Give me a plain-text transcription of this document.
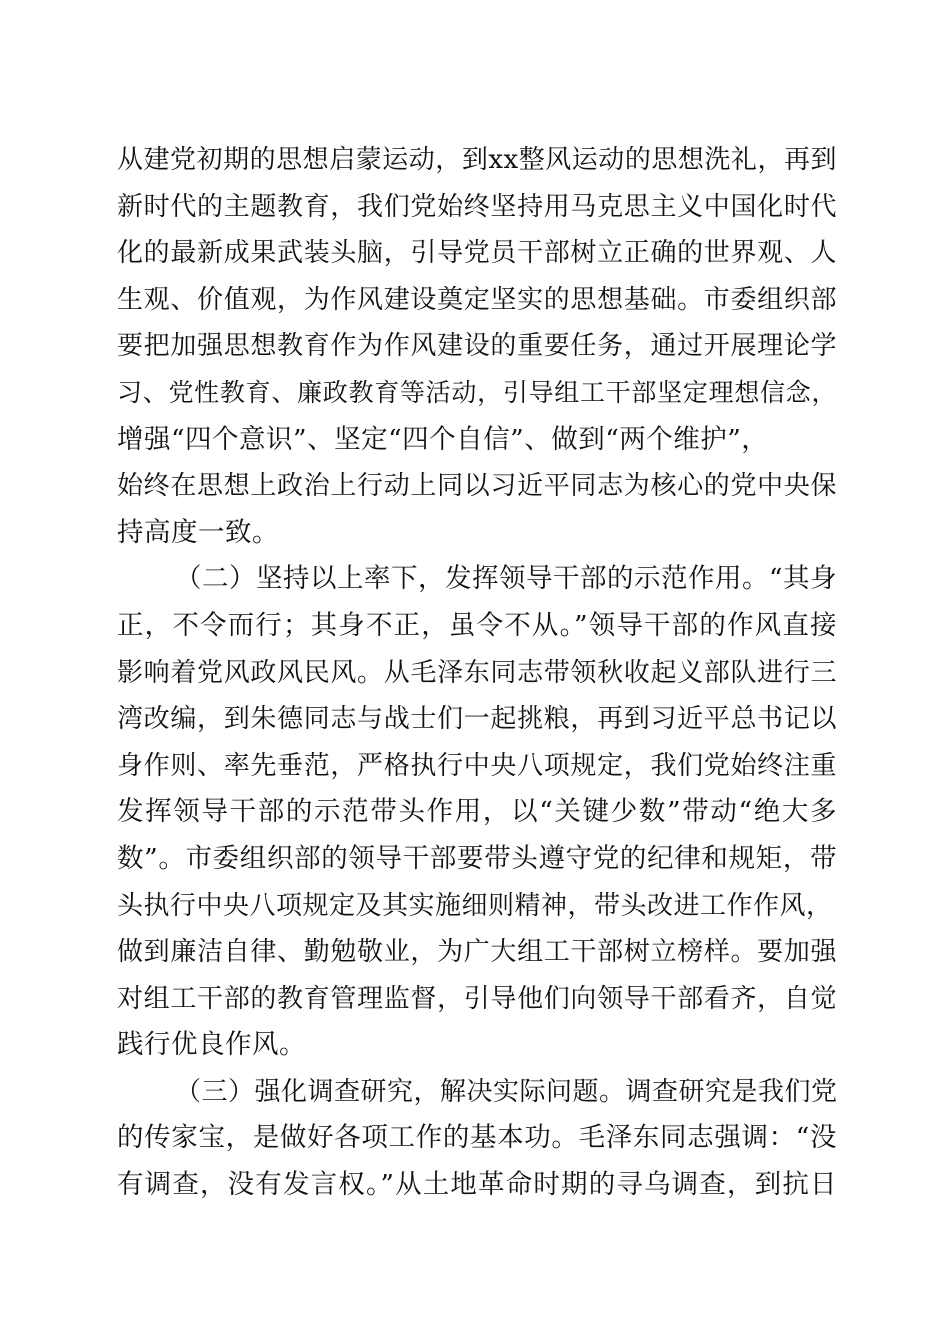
从建党初期的思想启蒙运动，到xx整风运动的思想洗礼，再到
新时代的主题教育，我们党始终坚持用马克思主义中国化时代
化的最新成果武装头脑，引导党员干部树立正确的世界观、人
生观、价值观，为作风建设奠定坚实的思想基础。市委组织部
要把加强思想教育作为作风建设的重要任务，通过开展理论学
习、党性教育、廉政教育等活动，引导组工干部坚定理想信念，
增强“四个意识”、坚定“四个自信”、做到“两个维护”，
始终在思想上政治上行动上同以习近平同志为核心的党中央保
持高度一致。
（二）坚持以上率下，发挥领导干部的示范作用。“其身
正，不令而行；其身不正，虽令不从。”领导干部的作风直接
影响着党风政风民风。从毛泽东同志带领秋收起义部队进行三
湾改编，到朱德同志与战士们一起挑粮，再到习近平总书记以
身作则、率先垂范，严格执行中央八项规定，我们党始终注重
发挥领导干部的示范带头作用，以“关键少数”带动“绝大多
数”。市委组织部的领导干部要带头遵守党的纪律和规矩，带
头执行中央八项规定及其实施细则精神，带头改进工作作风，
做到廉洁自律、勤勉敬业，为广大组工干部树立榜样。要加强
对组工干部的教育管理监督，引导他们向领导干部看齐，自觉
践行优良作风。
（三）强化调查研究，解决实际问题。调查研究是我们党
的传家宝，是做好各项工作的基本功。毛泽东同志强调：“没
有调查，没有发言权。”从土地革命时期的寻乌调查，到抗日
